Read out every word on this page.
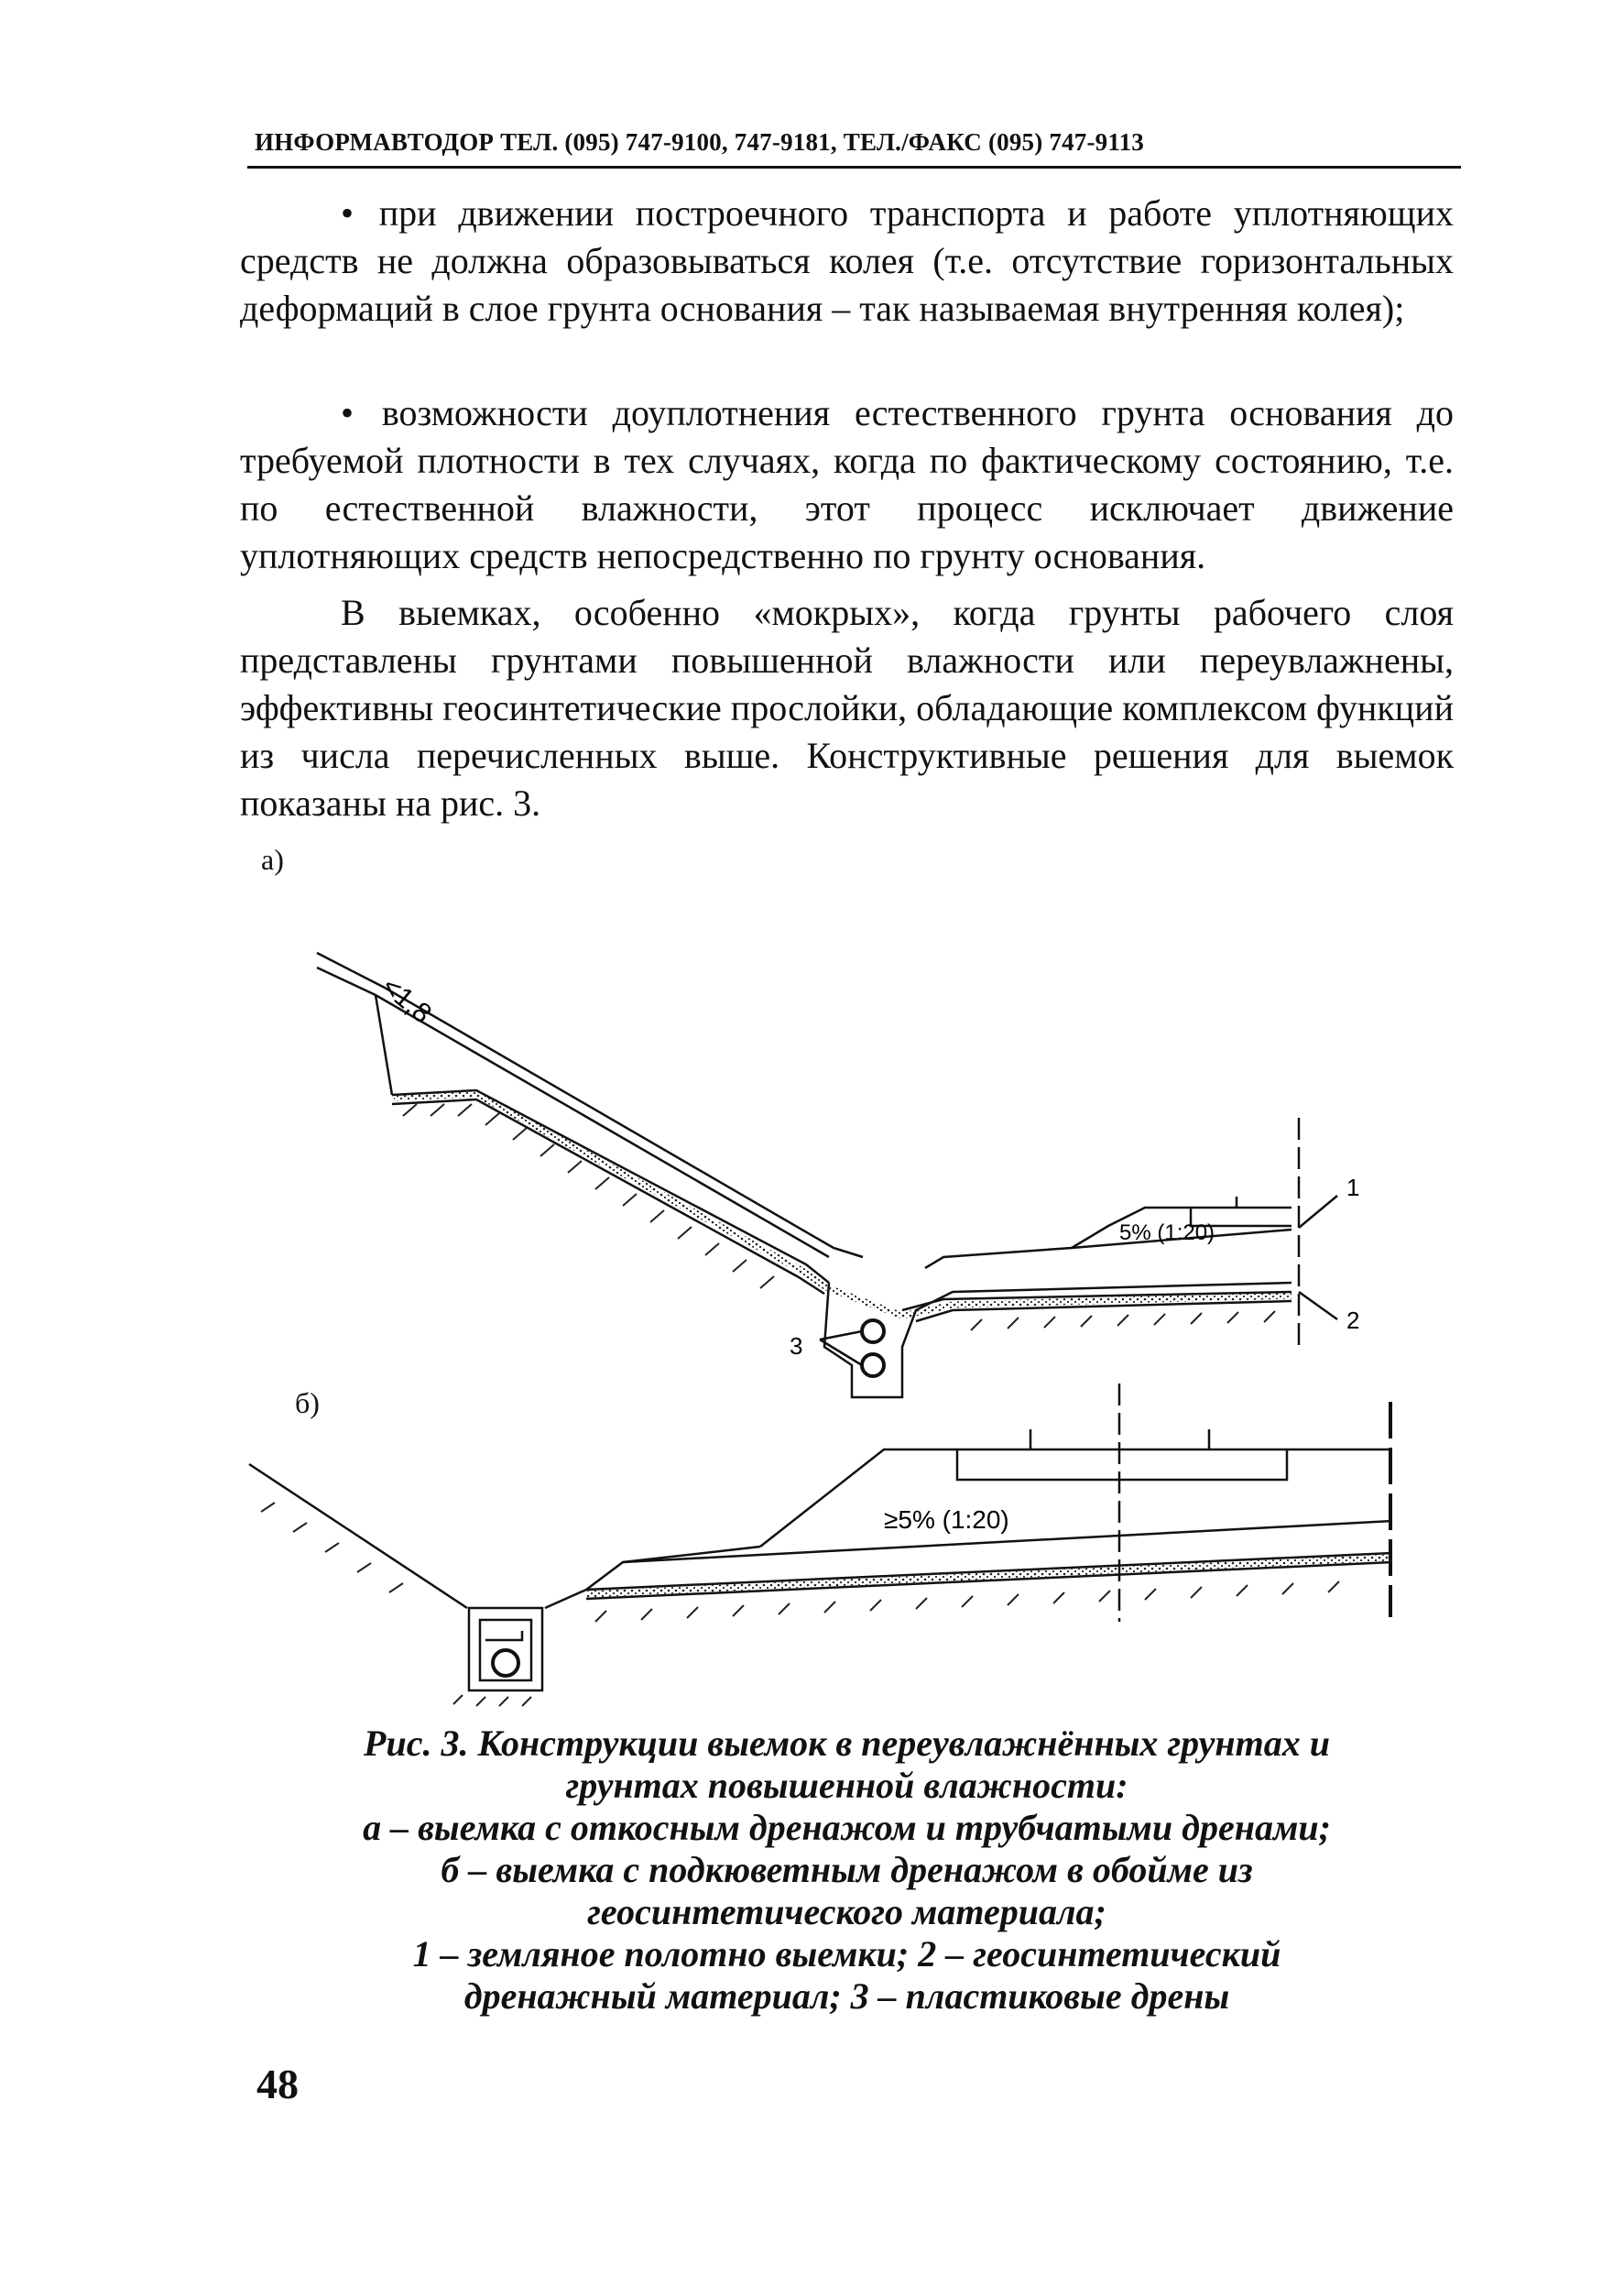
ИНФОРМАВТОДОР ТЕЛ. (095) 747-9100, 747-9181, ТЕЛ./ФАКС (095) 747-9113

• при движении построечного транспорта и работе уплотняющих средств не должна образовываться колея (т.е. отсутствие горизонтальных деформаций в слое грунта основания – так называемая внутренняя колея);

• возможности доуплотнения естественного грунта основания до требуемой плотности в тех случаях, когда по фактическому состоянию, т.е. по естественной влажности, этот процесс исключает движение уплотняющих средств непосредственно по грунту основания.

В выемках, особенно «мокрых», когда грунты рабочего слоя представлены грунтами повышенной влажности или переувлажнены, эффективны геосинтетические прослойки, обладающие комплексом функций из числа перечисленных выше. Конструктивные решения для выемок показаны на рис. 3.

а)
б)
<1,8
5% (1:20)
1
2
3
≥5% (1:20)
Рис. 3. Конструкции выемок в переувлажнённых грунтах и
грунтах повышенной влажности:
а – выемка с откосным дренажом и трубчатыми дренами;
б – выемка с подкюветным дренажом в обойме из
геосинтетического материала;
1 – земляное полотно выемки; 2 – геосинтетический
дренажный материал; 3 – пластиковые дрены
48
